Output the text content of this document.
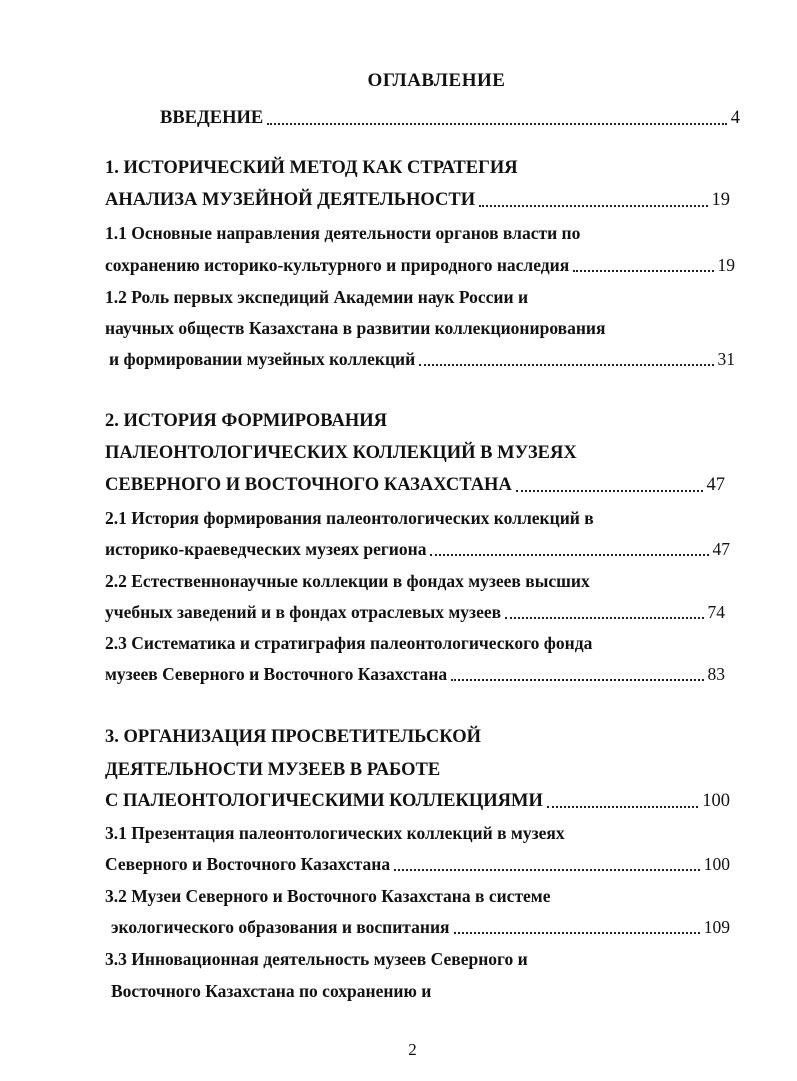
ОГЛАВЛЕНИЕ
ВВЕДЕНИЕ	4
1. ИСТОРИЧЕСКИЙ МЕТОД КАК СТРАТЕГИЯ
АНАЛИЗА МУЗЕЙНОЙ ДЕЯТЕЛЬНОСТИ	19
1.1 Основные направления деятельности органов власти по
сохранению историко-культурного и природного наследия	19
1.2 Роль первых экспедиций Академии наук России и
научных обществ Казахстана в развитии коллекционирования
и формировании музейных коллекций	31
2. ИСТОРИЯ ФОРМИРОВАНИЯ
ПАЛЕОНТОЛОГИЧЕСКИХ КОЛЛЕКЦИЙ В МУЗЕЯХ
СЕВЕРНОГО И ВОСТОЧНОГО КАЗАХСТАНА	47
2.1 История формирования палеонтологических коллекций в
историко-краеведческих музеях региона	47
2.2 Естественнонаучные коллекции в фондах музеев высших
учебных заведений и в фондах отраслевых музеев	74
2.3 Систематика и стратиграфия палеонтологического фонда
музеев Северного и Восточного Казахстана	83
3. ОРГАНИЗАЦИЯ ПРОСВЕТИТЕЛЬСКОЙ
ДЕЯТЕЛЬНОСТИ МУЗЕЕВ В РАБОТЕ
С ПАЛЕОНТОЛОГИЧЕСКИМИ КОЛЛЕКЦИЯМИ	100
3.1 Презентация палеонтологических коллекций в музеях
Северного и Восточного Казахстана	100
3.2 Музеи Северного и Восточного Казахстана в системе
экологического образования и воспитания	109
3.3 Инновационная деятельность музеев Северного и
Восточного Казахстана по сохранению и
2
